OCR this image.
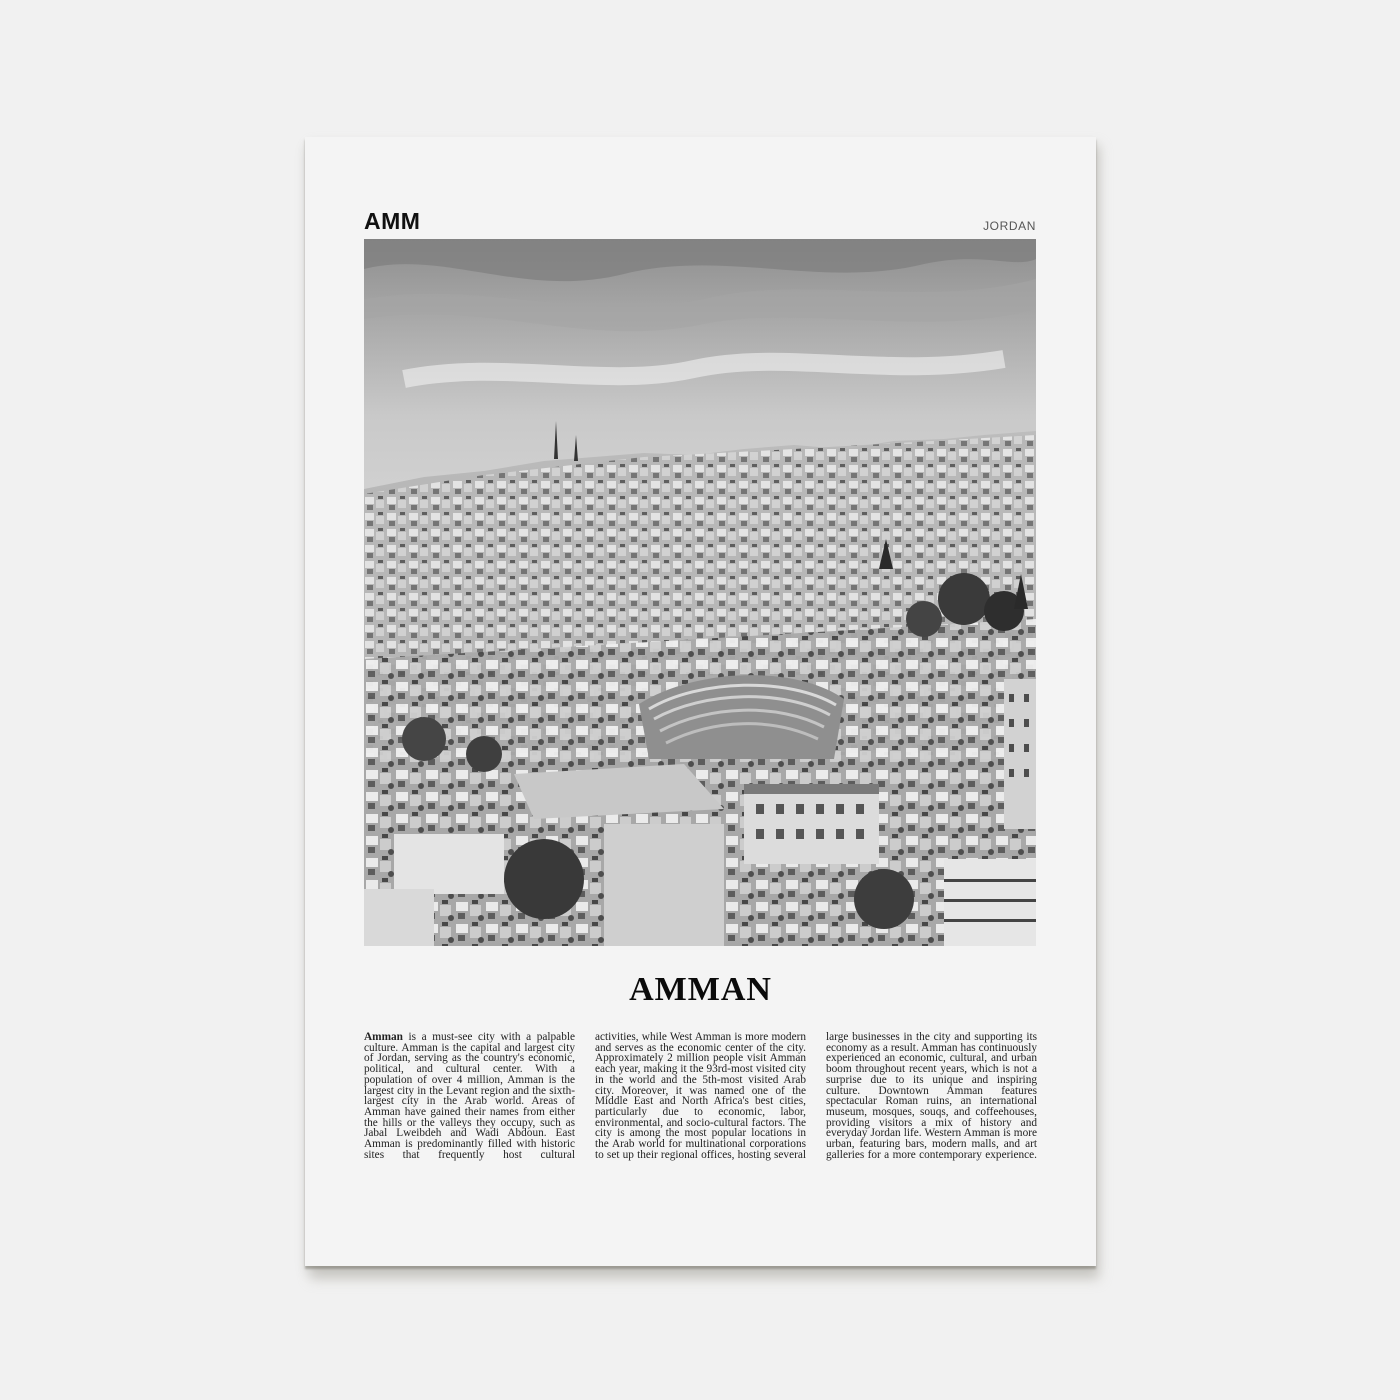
AMM	JORDAN
AMMAN
Amman is a must-see city with a palpable culture. Amman is the capital and largest city of Jordan, serving as the country's economic, political, and cultural center. With a population of over 4 million, Amman is the largest city in the Levant region and the sixth-largest city in the Arab world. Areas of Amman have gained their names from either the hills or the valleys they occupy, such as Jabal Lweibdeh and Wadi Abdoun. East Amman is predominantly filled with historic sites that frequently host cultural
activities, while West Amman is more modern and serves as the economic center of the city. Approximately 2 million people visit Amman each year, making it the 93rd-most visited city in the world and the 5th-most visited Arab city. Moreover, it was named one of the Middle East and North Africa's best cities, particularly due to economic, labor, environmental, and socio-cultural factors. The city is among the most popular locations in the Arab world for multinational corporations to set up their regional offices, hosting several
large businesses in the city and supporting its economy as a result. Amman has continuously experienced an economic, cultural, and urban boom throughout recent years, which is not a surprise due to its unique and inspiring culture. Downtown Amman features spectacular Roman ruins, an international museum, mosques, souqs, and coffeehouses, providing visitors a mix of history and everyday Jordan life. Western Amman is more urban, featuring bars, modern malls, and art galleries for a more contemporary experience.
